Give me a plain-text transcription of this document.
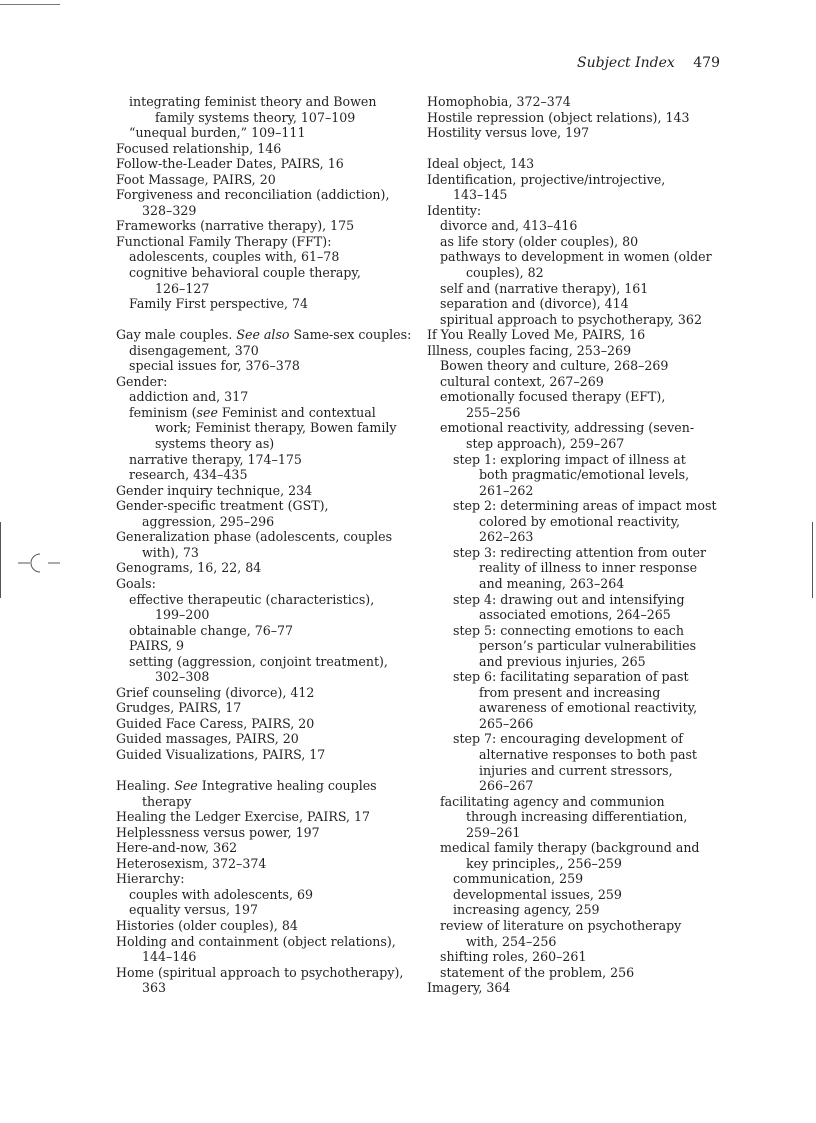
Subject Index 479
integrating feminist theory and Bowen
family systems theory, 107–109
“unequal burden,” 109–111
Focused relationship, 146
Follow-the-Leader Dates, PAIRS, 16
Foot Massage, PAIRS, 20
Forgiveness and reconciliation (addiction),
328–329
Frameworks (narrative therapy), 175
Functional Family Therapy (FFT):
adolescents, couples with, 61–78
cognitive behavioral couple therapy,
126–127
Family First perspective, 74
Gay male couples. See also Same-sex couples:
disengagement, 370
special issues for, 376–378
Gender:
addiction and, 317
feminism (see Feminist and contextual
work; Feminist therapy, Bowen family
systems theory as)
narrative therapy, 174–175
research, 434–435
Gender inquiry technique, 234
Gender-specific treatment (GST),
aggression, 295–296
Generalization phase (adolescents, couples
with), 73
Genograms, 16, 22, 84
Goals:
effective therapeutic (characteristics),
199–200
obtainable change, 76–77
PAIRS, 9
setting (aggression, conjoint treatment),
302–308
Grief counseling (divorce), 412
Grudges, PAIRS, 17
Guided Face Caress, PAIRS, 20
Guided massages, PAIRS, 20
Guided Visualizations, PAIRS, 17
Healing. See Integrative healing couples
therapy
Healing the Ledger Exercise, PAIRS, 17
Helplessness versus power, 197
Here-and-now, 362
Heterosexism, 372–374
Hierarchy:
couples with adolescents, 69
equality versus, 197
Histories (older couples), 84
Holding and containment (object relations),
144–146
Home (spiritual approach to psychotherapy),
363
Homophobia, 372–374
Hostile repression (object relations), 143
Hostility versus love, 197
Ideal object, 143
Identification, projective/introjective,
143–145
Identity:
divorce and, 413–416
as life story (older couples), 80
pathways to development in women (older
couples), 82
self and (narrative therapy), 161
separation and (divorce), 414
spiritual approach to psychotherapy, 362
If You Really Loved Me, PAIRS, 16
Illness, couples facing, 253–269
Bowen theory and culture, 268–269
cultural context, 267–269
emotionally focused therapy (EFT),
255–256
emotional reactivity, addressing (seven-
step approach), 259–267
step 1: exploring impact of illness at
both pragmatic/emotional levels,
261–262
step 2: determining areas of impact most
colored by emotional reactivity,
262–263
step 3: redirecting attention from outer
reality of illness to inner response
and meaning, 263–264
step 4: drawing out and intensifying
associated emotions, 264–265
step 5: connecting emotions to each
person’s particular vulnerabilities
and previous injuries, 265
step 6: facilitating separation of past
from present and increasing
awareness of emotional reactivity,
265–266
step 7: encouraging development of
alternative responses to both past
injuries and current stressors,
266–267
facilitating agency and communion
through increasing differentiation,
259–261
medical family therapy (background and
key principles,, 256–259
communication, 259
developmental issues, 259
increasing agency, 259
review of literature on psychotherapy
with, 254–256
shifting roles, 260–261
statement of the problem, 256
Imagery, 364
